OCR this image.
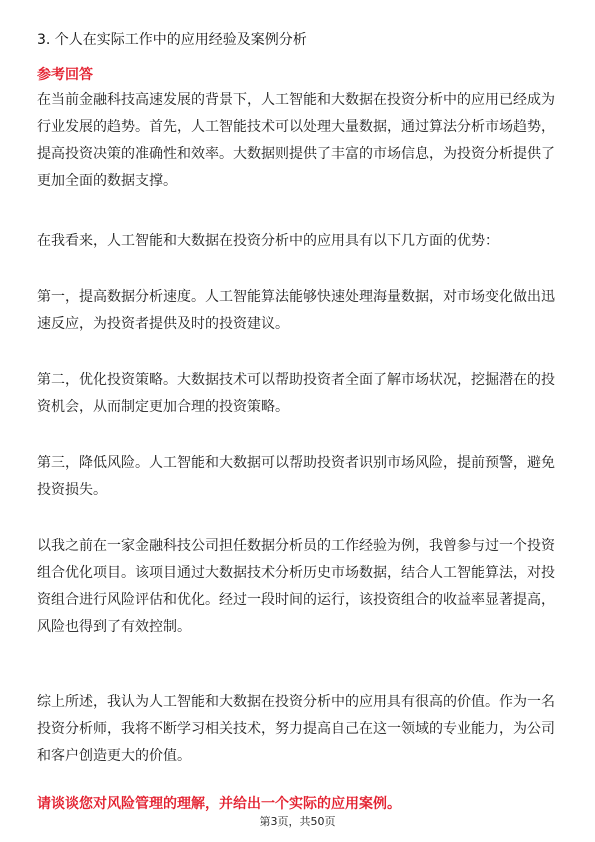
3. 个人在实际工作中的应用经验及案例分析
参考回答
在当前金融科技高速发展的背景下，人工智能和大数据在投资分析中的应用已经成为行业发展的趋势。首先，人工智能技术可以处理大量数据，通过算法分析市场趋势，提高投资决策的准确性和效率。大数据则提供了丰富的市场信息，为投资分析提供了更加全面的数据支撑。
在我看来，人工智能和大数据在投资分析中的应用具有以下几方面的优势：
第一，提高数据分析速度。人工智能算法能够快速处理海量数据，对市场变化做出迅速反应，为投资者提供及时的投资建议。
第二，优化投资策略。大数据技术可以帮助投资者全面了解市场状况，挖掘潜在的投资机会，从而制定更加合理的投资策略。
第三，降低风险。人工智能和大数据可以帮助投资者识别市场风险，提前预警，避免投资损失。
以我之前在一家金融科技公司担任数据分析员的工作经验为例，我曾参与过一个投资组合优化项目。该项目通过大数据技术分析历史市场数据，结合人工智能算法，对投资组合进行风险评估和优化。经过一段时间的运行，该投资组合的收益率显著提高，风险也得到了有效控制。
综上所述，我认为人工智能和大数据在投资分析中的应用具有很高的价值。作为一名投资分析师，我将不断学习相关技术，努力提高自己在这一领域的专业能力，为公司和客户创造更大的价值。
请谈谈您对风险管理的理解，并给出一个实际的应用案例。
第3页，共50页
